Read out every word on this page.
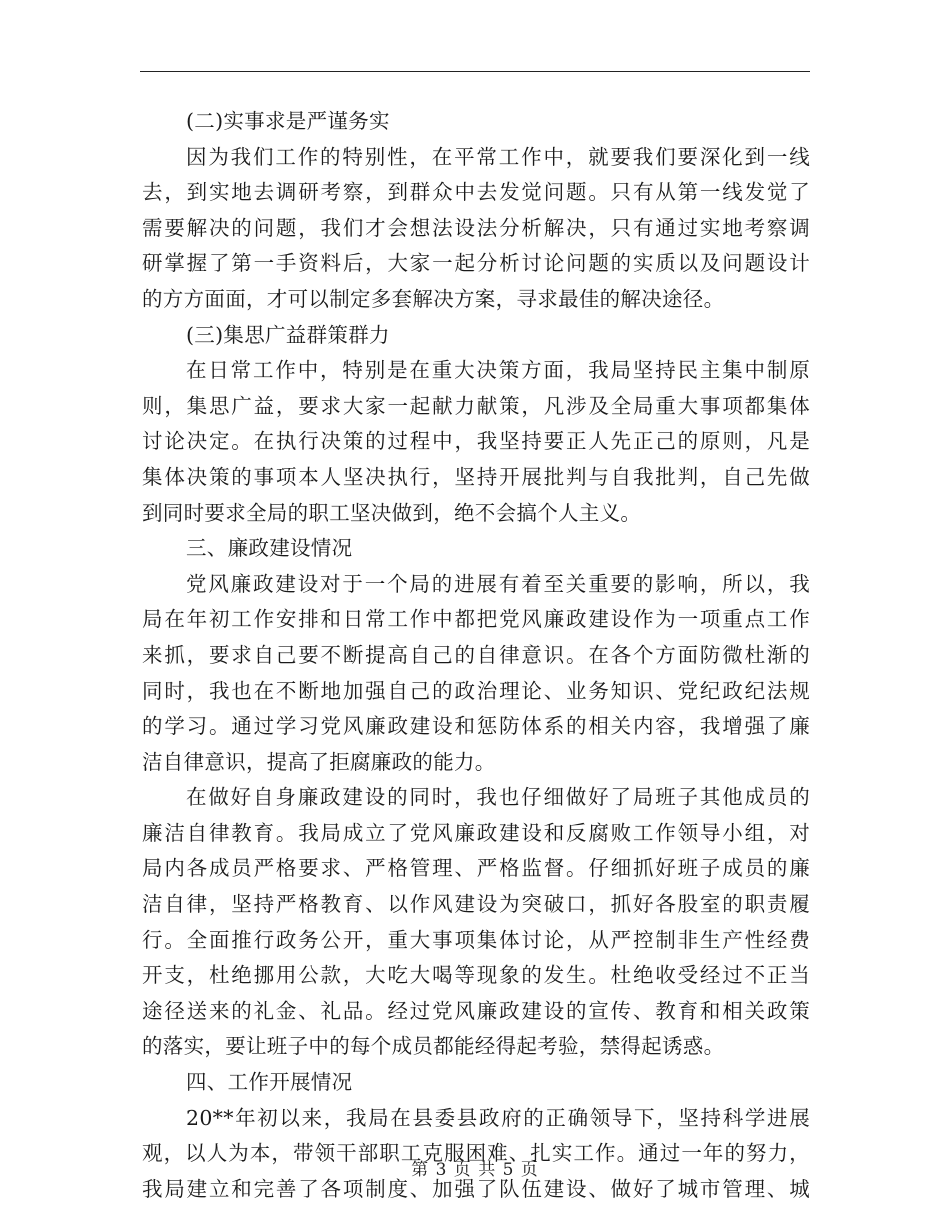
(二)实事求是严谨务实
因为我们工作的特别性，在平常工作中，就要我们要深化到一线
去，到实地去调研考察，到群众中去发觉问题。只有从第一线发觉了
需要解决的问题，我们才会想法设法分析解决，只有通过实地考察调
研掌握了第一手资料后，大家一起分析讨论问题的实质以及问题设计
的方方面面，才可以制定多套解决方案，寻求最佳的解决途径。
(三)集思广益群策群力
在日常工作中，特别是在重大决策方面，我局坚持民主集中制原
则，集思广益，要求大家一起献力献策，凡涉及全局重大事项都集体
讨论决定。在执行决策的过程中，我坚持要正人先正己的原则，凡是
集体决策的事项本人坚决执行，坚持开展批判与自我批判，自己先做
到同时要求全局的职工坚决做到，绝不会搞个人主义。
三、廉政建设情况
党风廉政建设对于一个局的进展有着至关重要的影响，所以，我
局在年初工作安排和日常工作中都把党风廉政建设作为一项重点工作
来抓，要求自己要不断提高自己的自律意识。在各个方面防微杜渐的
同时，我也在不断地加强自己的政治理论、业务知识、党纪政纪法规
的学习。通过学习党风廉政建设和惩防体系的相关内容，我增强了廉
洁自律意识，提高了拒腐廉政的能力。
在做好自身廉政建设的同时，我也仔细做好了局班子其他成员的
廉洁自律教育。我局成立了党风廉政建设和反腐败工作领导小组，对
局内各成员严格要求、严格管理、严格监督。仔细抓好班子成员的廉
洁自律，坚持严格教育、以作风建设为突破口，抓好各股室的职责履
行。全面推行政务公开，重大事项集体讨论，从严控制非生产性经费
开支，杜绝挪用公款，大吃大喝等现象的发生。杜绝收受经过不正当
途径送来的礼金、礼品。经过党风廉政建设的宣传、教育和相关政策
的落实，要让班子中的每个成员都能经得起考验，禁得起诱惑。
四、工作开展情况
20**年初以来，我局在县委县政府的正确领导下，坚持科学进展
观，以人为本，带领干部职工克服困难、扎实工作。通过一年的努力，
我局建立和完善了各项制度、加强了队伍建设、做好了城市管理、城
第 3 页 共 5 页
